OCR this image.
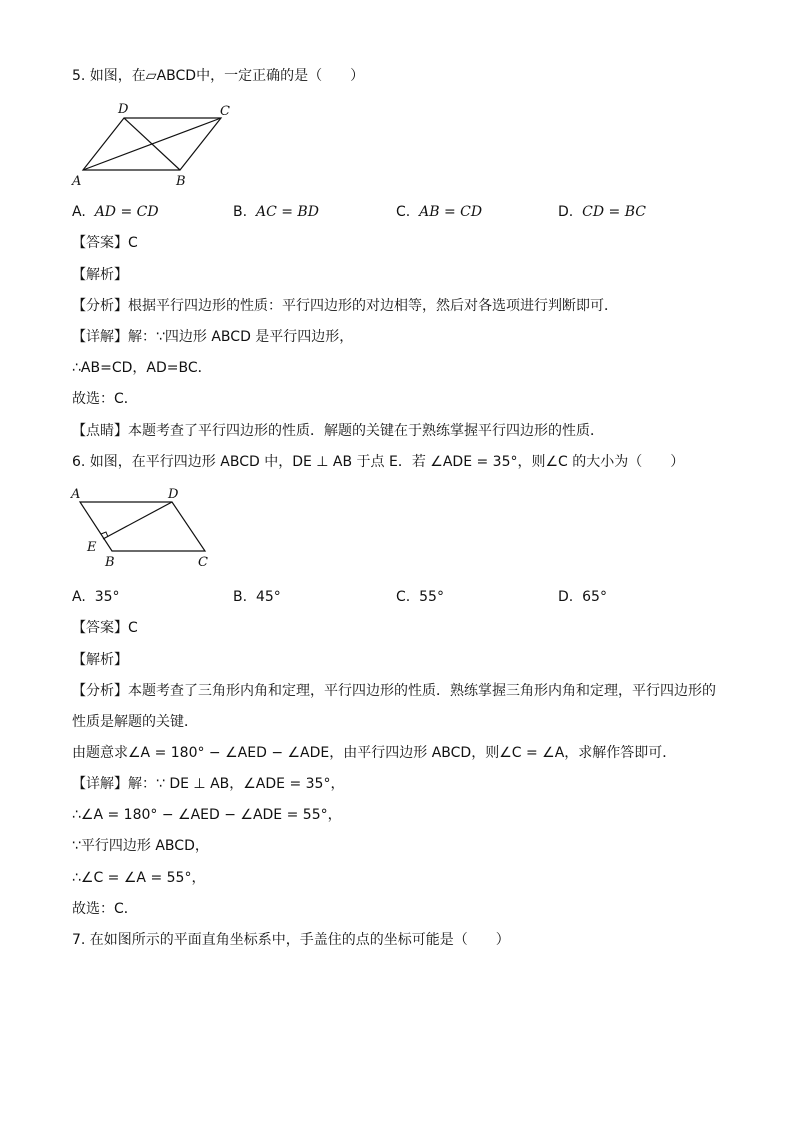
5. 如图，在▱ABCD中，一定正确的是（　　）
D	C
A	B
A. AD = CD	B. AC = BD	C. AB = CD	D. CD = BC
【答案】C
【解析】
【分析】根据平行四边形的性质：平行四边形的对边相等，然后对各选项进行判断即可．
【详解】解：∵四边形 ABCD 是平行四边形，
∴AB=CD，AD=BC．
故选：C．
【点睛】本题考查了平行四边形的性质．解题的关键在于熟练掌握平行四边形的性质．
6. 如图，在平行四边形 ABCD 中，DE ⊥ AB 于点 E．若 ∠ADE = 35°，则∠C 的大小为（　　）
A	D
E
B	C
A. 35°	B. 45°	C. 55°	D. 65°
【答案】C
【解析】
【分析】本题考查了三角形内角和定理，平行四边形的性质．熟练掌握三角形内角和定理，平行四边形的
性质是解题的关键．
由题意求∠A = 180° − ∠AED − ∠ADE，由平行四边形 ABCD，则∠C = ∠A，求解作答即可．
【详解】解：∵ DE ⊥ AB，∠ADE = 35°，
∴∠A = 180° − ∠AED − ∠ADE = 55°，
∵平行四边形 ABCD，
∴∠C = ∠A = 55°，
故选：C．
7. 在如图所示的平面直角坐标系中，手盖住的点的坐标可能是（　　）
